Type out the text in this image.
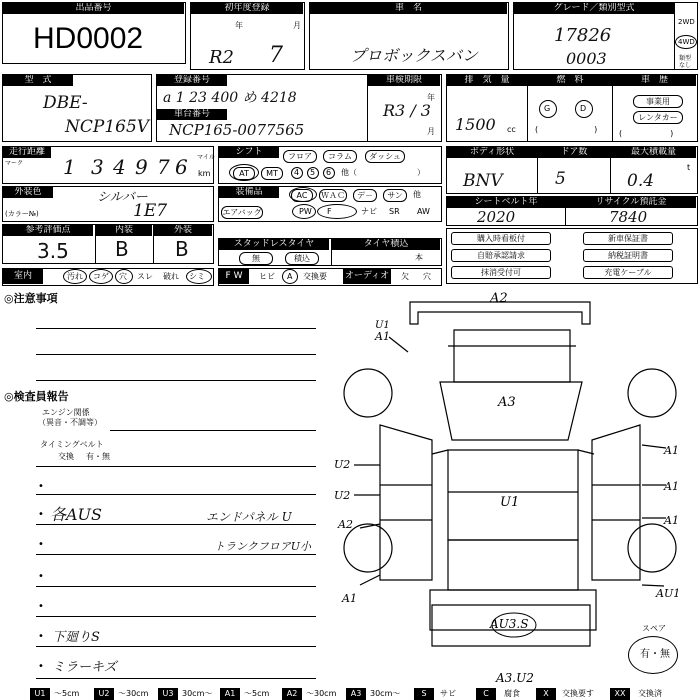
出品番号
HD0002
初年度登録
年	月
R2 7
車　名
プロボックスバン
グレード／類別型式
17826
0003
2WD
4WD
類型なし
型　式
DBE-
NCP165V
登録番号
a 1 23 400 め 4218
車台番号
NCP165-0077565
車検期限
年
月
R3 / 3
排　気　量
1500 cc
燃　料
G	D
(　　　　　　　)
車　歴
事業用
レンタカー
(　　　　　　)
走行距離
マーク 1 3 4 9 7 6 マイル
km
シフト	フロア	コラム	ダッシュ
AT	MT	4 5 6 他（	）
ボディ形状
BNV
ドア数
5
最大積載量
t
0.4
外装色	シルバー
(カラー№)	1E7
装備品	AC	ＷＡＣ	デ－	サン	他
エアバッグ	PW F	ナビ SR AW
シートベルト年
2020
リサイクル預託金
7840
参考評価点
3.5
内装
B
外装
B	スタッドレスタイヤ
無	積込
タイヤ積込
本
購入時看板付	新車保証書
自賠承認請求	納税証明書
抹消受付可	充電ケーブル
室内	汚れ コゲ 穴 スレ 破れ シミ	F W	ヒビ A 交換要 オーディオ 欠 穴
◎注意事項
◎検査員報告
エンジン関係
（異音・不調等）
タイミングベルト
交換 有・無
•
• 各AUS	エンドパネル U
•	トランクフロアU小
•
•
• 下廻りS
• ミラーキズ
A2
U1
A1
A3
U2
U2
A2
A1
U1
A1
A1
A1
AU1
AU3.S
A3.U2
スペア
有・無
U1	～5cm	U2	～30cm	U3	30cm～	A1	～5cm	A2	～30cm	A3	30cm～	S	サビ	C	腐食	X	交換要す	XX	交換済
